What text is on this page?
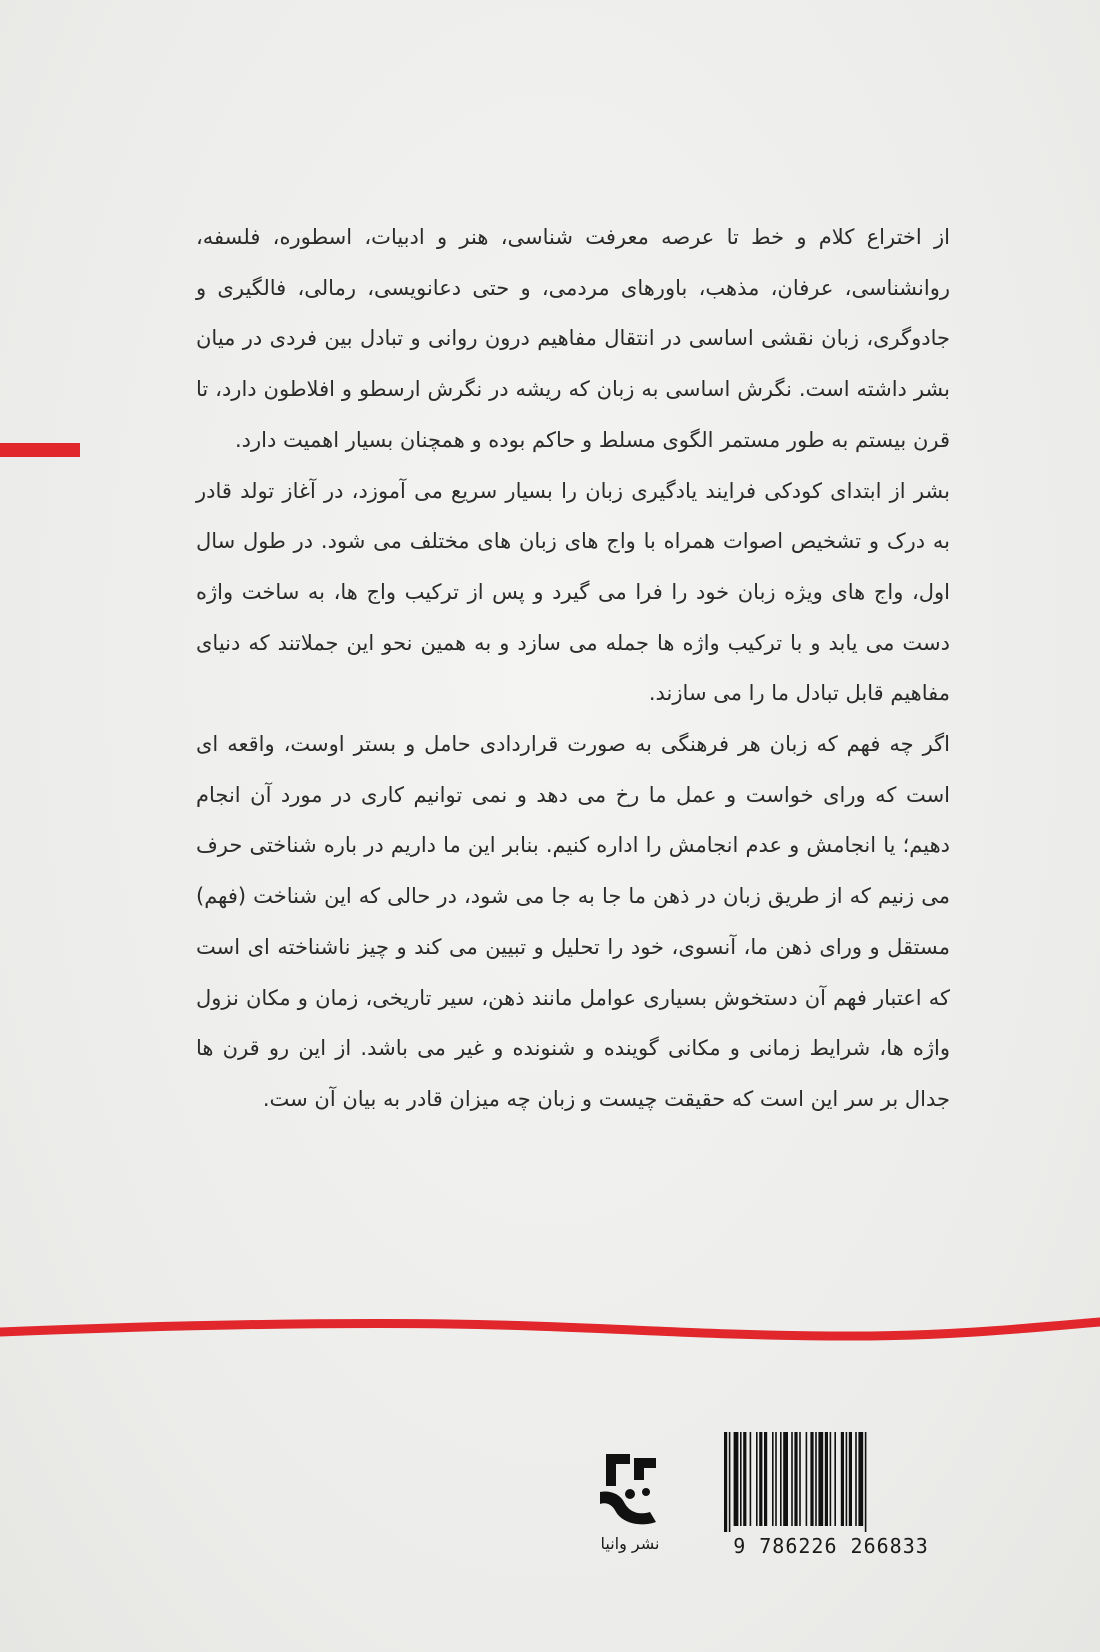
از اختراع کلام و خط تا عرصه معرفت شناسی، هنر و ادبیات، اسطوره، فلسفه، روانشناسی، عرفان، مذهب، باورهای مردمی، و حتی دعانویسی، رمالی، فالگیری و جادوگری، زبان نقشی اساسی در انتقال مفاهیم درون روانی و تبادل بین فردی در میان بشر داشته است. نگرش اساسی به زبان که ریشه در نگرش ارسطو و افلاطون دارد، تا قرن بیستم به طور مستمر الگوی مسلط و حاکم بوده و همچنان بسیار اهمیت دارد.

بشر از ابتدای کودکی فرایند یادگیری زبان را بسیار سریع می آموزد، در آغاز تولد قادر به درک و تشخیص اصوات همراه با واج های زبان های مختلف می شود. در طول سال اول، واج های ویژه زبان خود را فرا می گیرد و پس از ترکیب واج ها، به ساخت واژه دست می یابد و با ترکیب واژه ها جمله می سازد و به همین نحو این جملاتند که دنیای مفاهیم قابل تبادل ما را می سازند.

اگر چه فهم که زبان هر فرهنگی به صورت قراردادی حامل و بستر اوست، واقعه ای است که ورای خواست و عمل ما رخ می دهد و نمی توانیم کاری در مورد آن انجام دهیم؛ یا انجامش و عدم انجامش را اداره کنیم. بنابر این ما داریم در باره شناختی حرف می زنیم که از طریق زبان در ذهن ما جا به جا می شود، در حالی که این شناخت (فهم) مستقل و ورای ذهن ما، آنسوی، خود را تحلیل و تبیین می کند و چیز ناشناخته ای است که اعتبار فهم آن دستخوش بسیاری عوامل مانند ذهن، سیر تاریخی، زمان و مکان نزول واژه ها، شرایط زمانی و مکانی گوینده و شنونده و غیر می باشد. از این رو قرن ها جدال بر سر این است که حقیقت چیست و زبان چه میزان قادر به بیان آن ست.

نشر وانیا	9 786226 266833
